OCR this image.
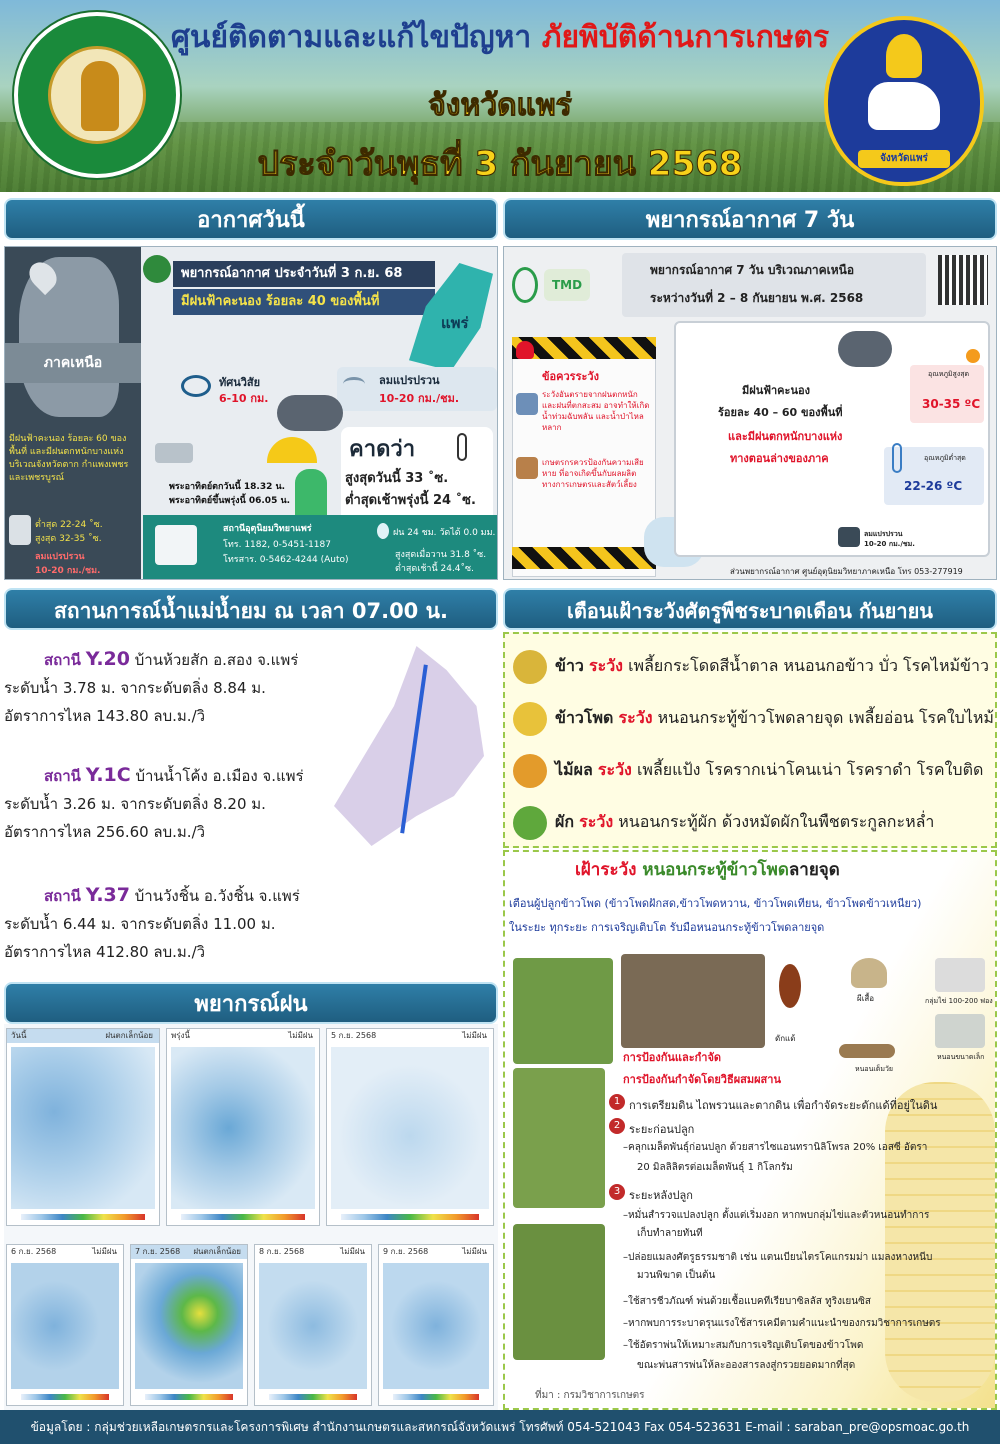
จังหวัดแพร่
ศูนย์ติดตามและแก้ไขปัญหา ภัยพิบัติด้านการเกษตร
จังหวัดแพร่
ประจำวันพุธที่ 3 กันยายน 2568
อากาศวันนี้	พยากรณ์อากาศ 7 วัน
ภาคเหนือ
มีฝนฟ้าคะนอง ร้อยละ 60 ของพื้นที่ และมีฝนตกหนักบางแห่ง บริเวณจังหวัดตาก กำแพงเพชร และเพชรบูรณ์
ต่ำสุด 22-24 ˚ซ.
สูงสุด 32-35 ˚ซ.
ลมแปรปรวน
10-20 กม./ชม.
พยากรณ์อากาศ ประจำวันที่ 3 ก.ย. 68
มีฝนฟ้าคะนอง ร้อยละ 40 ของพื้นที่
แพร่
ทัศนวิสัย
6-10 กม.
ลมแปรปรวน
10-20 กม./ชม.
คาดว่า
สูงสุดวันนี้ 33 ˚ซ.
ต่ำสุดเช้าพรุ่งนี้ 24 ˚ซ.
พระอาทิตย์ตกวันนี้ 18.32 น.
พระอาทิตย์ขึ้นพรุ่งนี้ 06.05 น.
สถานีอุตุนิยมวิทยาแพร่
โทร. 1182, 0-5451-1187
โทรสาร. 0-5462-4244 (Auto)
ฝน 24 ชม. วัดได้ 0.0 มม.
สูงสุดเมื่อวาน 31.8 ˚ซ.
ต่ำสุดเช้านี้ 24.4˚ซ.
TMD
พยากรณ์อากาศ 7 วัน บริเวณภาคเหนือ
ระหว่างวันที่ 2 – 8 กันยายน พ.ศ. 2568
ข้อควรระวัง
ระวังอันตรายจากฝนตกหนักและฝนที่ตกสะสม อาจทำให้เกิดน้ำท่วมฉับพลัน และน้ำป่าไหลหลาก
เกษตรกรควรป้องกันความเสียหาย ที่อาจเกิดขึ้นกับผลผลิตทางการเกษตรและสัตว์เลี้ยง
มีฝนฟ้าคะนอง
ร้อยละ 40 – 60 ของพื้นที่
และมีฝนตกหนักบางแห่ง
ทางตอนล่างของภาค
อุณหภูมิสูงสุด
30-35 ºC
อุณหภูมิต่ำสุด
22-26 ºC
ลมแปรปรวน
10-20 กม./ชม.
ส่วนพยากรณ์อากาศ ศูนย์อุตุนิยมวิทยาภาคเหนือ โทร 053-277919
สถานการณ์น้ำแม่น้ำยม ณ เวลา 07.00 น.	เตือนเฝ้าระวังศัตรูพืชระบาดเดือน กันยายน
สถานี Y.20 บ้านห้วยสัก อ.สอง จ.แพร่
ระดับน้ำ 3.78 ม. จากระดับตลิ่ง 8.84 ม.
อัตราการไหล 143.80 ลบ.ม./วิ
สถานี Y.1C บ้านน้ำโค้ง อ.เมือง จ.แพร่
ระดับน้ำ 3.26 ม. จากระดับตลิ่ง 8.20 ม.
อัตราการไหล 256.60 ลบ.ม./วิ
สถานี Y.37 บ้านวังชิ้น อ.วังชิ้น จ.แพร่
ระดับน้ำ 6.44 ม. จากระดับตลิ่ง 11.00 ม.
อัตราการไหล 412.80 ลบ.ม./วิ
ข้าว ระวัง เพลี้ยกระโดดสีน้ำตาล หนอนกอข้าว บั่ว โรคไหม้ข้าว
ข้าวโพด ระวัง หนอนกระทู้ข้าวโพดลายจุด เพลี้ยอ่อน โรคใบไหม้
ไม้ผล ระวัง เพลี้ยแป้ง โรครากเน่าโคนเน่า โรคราดำ โรคใบติด
ผัก ระวัง หนอนกระทู้ผัก ด้วงหมัดผักในพืชตระกูลกะหล่ำ
เฝ้าระวัง หนอนกระทู้ข้าวโพดลายจุด
เตือนผู้ปลูกข้าวโพด (ข้าวโพดฝักสด,ข้าวโพดหวาน, ข้าวโพดเทียน, ข้าวโพดข้าวเหนียว)
ในระยะ ทุกระยะ การเจริญเติบโต รับมือหนอนกระทู้ข้าวโพดลายจุด
ดักแด้
ผีเสื้อ	กลุ่มไข่ 100-200 ฟอง
หนอนขนาดเล็ก
หนอนเต็มวัย
การป้องกันและกำจัด
การป้องกันกำจัดโดยวิธีผสมผสาน
1 การเตรียมดิน ไถพรวนและตากดิน เพื่อกำจัดระยะดักแด้ที่อยู่ในดิน
2 ระยะก่อนปลูก
–คลุกเมล็ดพันธุ์ก่อนปลูก ด้วยสารไซแอนทรานิลิโพรล 20% เอสซี อัตรา
20 มิลลิลิตรต่อเมล็ดพันธุ์ 1 กิโลกรัม
3 ระยะหลังปลูก
–หมั่นสำรวจแปลงปลูก ตั้งแต่เริ่มงอก หากพบกลุ่มไข่และตัวหนอนทำการ
เก็บทำลายทันที
–ปล่อยแมลงศัตรูธรรมชาติ เช่น แตนเบียนไตรโคแกรมม่า แมลงหางหนีบ
มวนพิฆาต เป็นต้น
–ใช้สารชีวภัณฑ์ พ่นด้วยเชื้อแบคทีเรียบาซิลลัส ทูริงเยนซิส
–หากพบการระบาดรุนแรงใช้สารเคมีตามคำแนะนำของกรมวิชาการเกษตร
–ใช้อัตราพ่นให้เหมาะสมกับการเจริญเติบโตของข้าวโพด
ขณะพ่นสารพ่นให้ละอองสารลงสู่กรวยยอดมากที่สุด
ที่มา : กรมวิชาการเกษตร
พยากรณ์ฝน
วันนี้	ฝนตกเล็กน้อย	พรุ่งนี้	ไม่มีฝน	5 ก.ย. 2568	ไม่มีฝน
6 ก.ย. 2568	ไม่มีฝน	7 ก.ย. 2568 ฝนตกเล็กน้อย	8 ก.ย. 2568	ไม่มีฝน	9 ก.ย. 2568	ไม่มีฝน
ข้อมูลโดย : กลุ่มช่วยเหลือเกษตรกรและโครงการพิเศษ สำนักงานเกษตรและสหกรณ์จังหวัดแพร่ โทรศัพท์ 054-521043 Fax 054-523631 E-mail : saraban_pre@opsmoac.go.th
